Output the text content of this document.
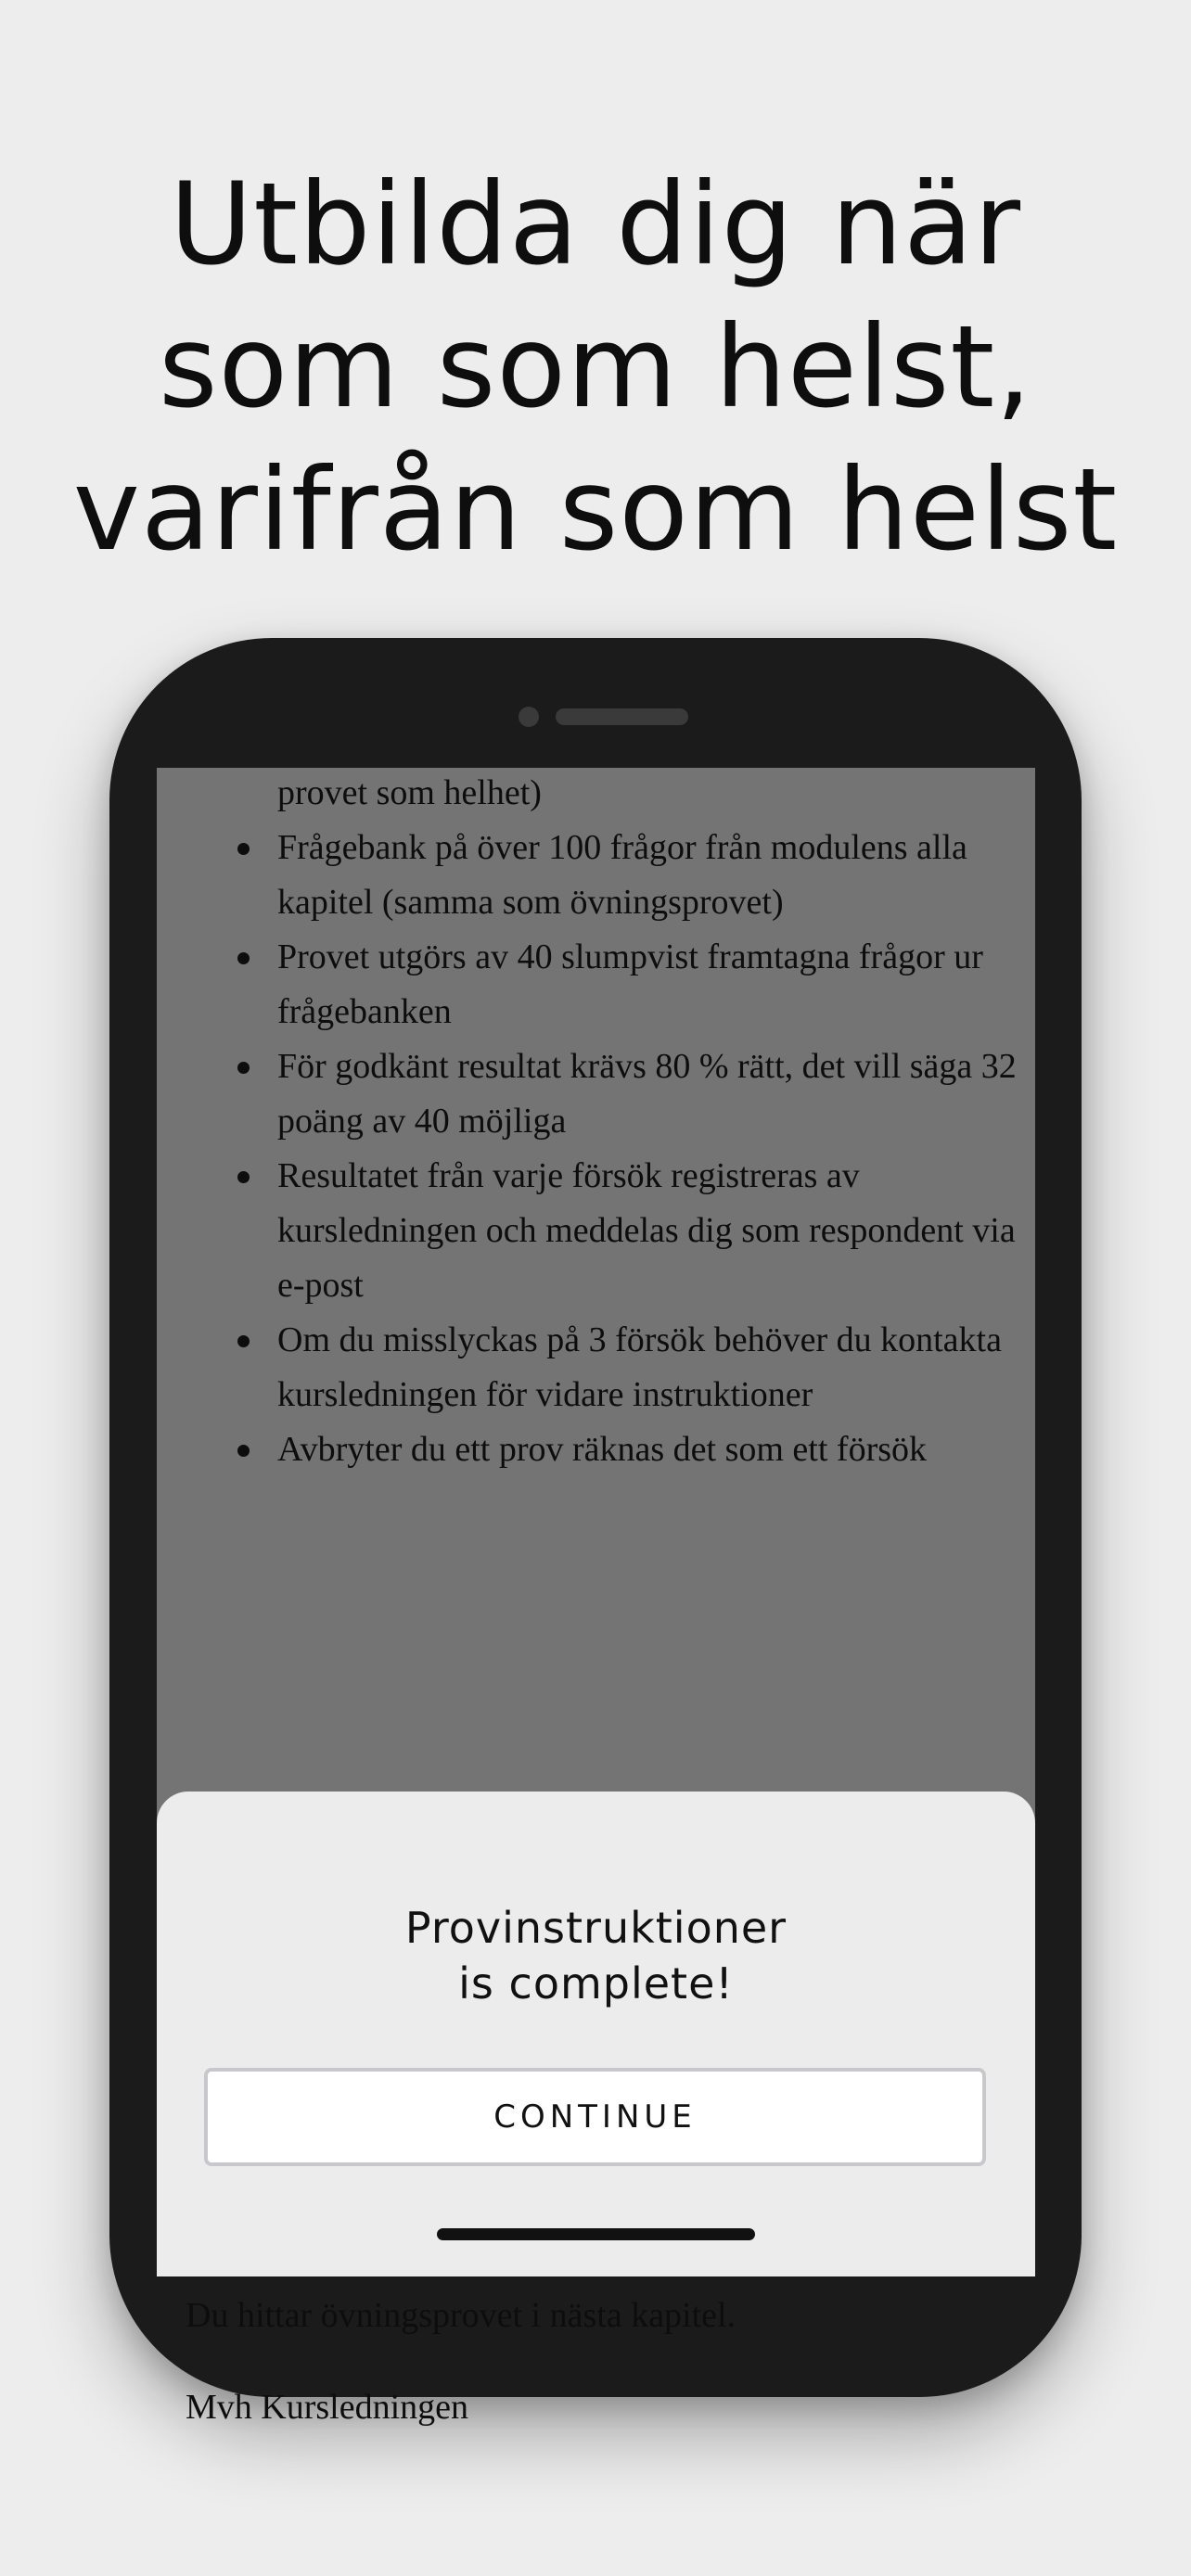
Utbilda dig när
som som helst,
varifrån som helst
provet som helhet)
Frågebank på över 100 frågor från modulens alla kapitel (samma som övningsprovet)
Provet utgörs av 40 slumpvist framtagna frågor ur frågebanken
För godkänt resultat krävs 80 % rätt, det vill säga 32 poäng av 40 möjliga
Resultatet från varje försök registreras av kursledningen och meddelas dig som respondent via e-post
Om du misslyckas på 3 försök behöver du kontakta kursledningen för vidare instruktioner
Avbryter du ett prov räknas det som ett försök

Du hittar övningsprovet i nästa kapitel.

Mvh Kursledningen

Provinstruktioner
is complete!
CONTINUE
